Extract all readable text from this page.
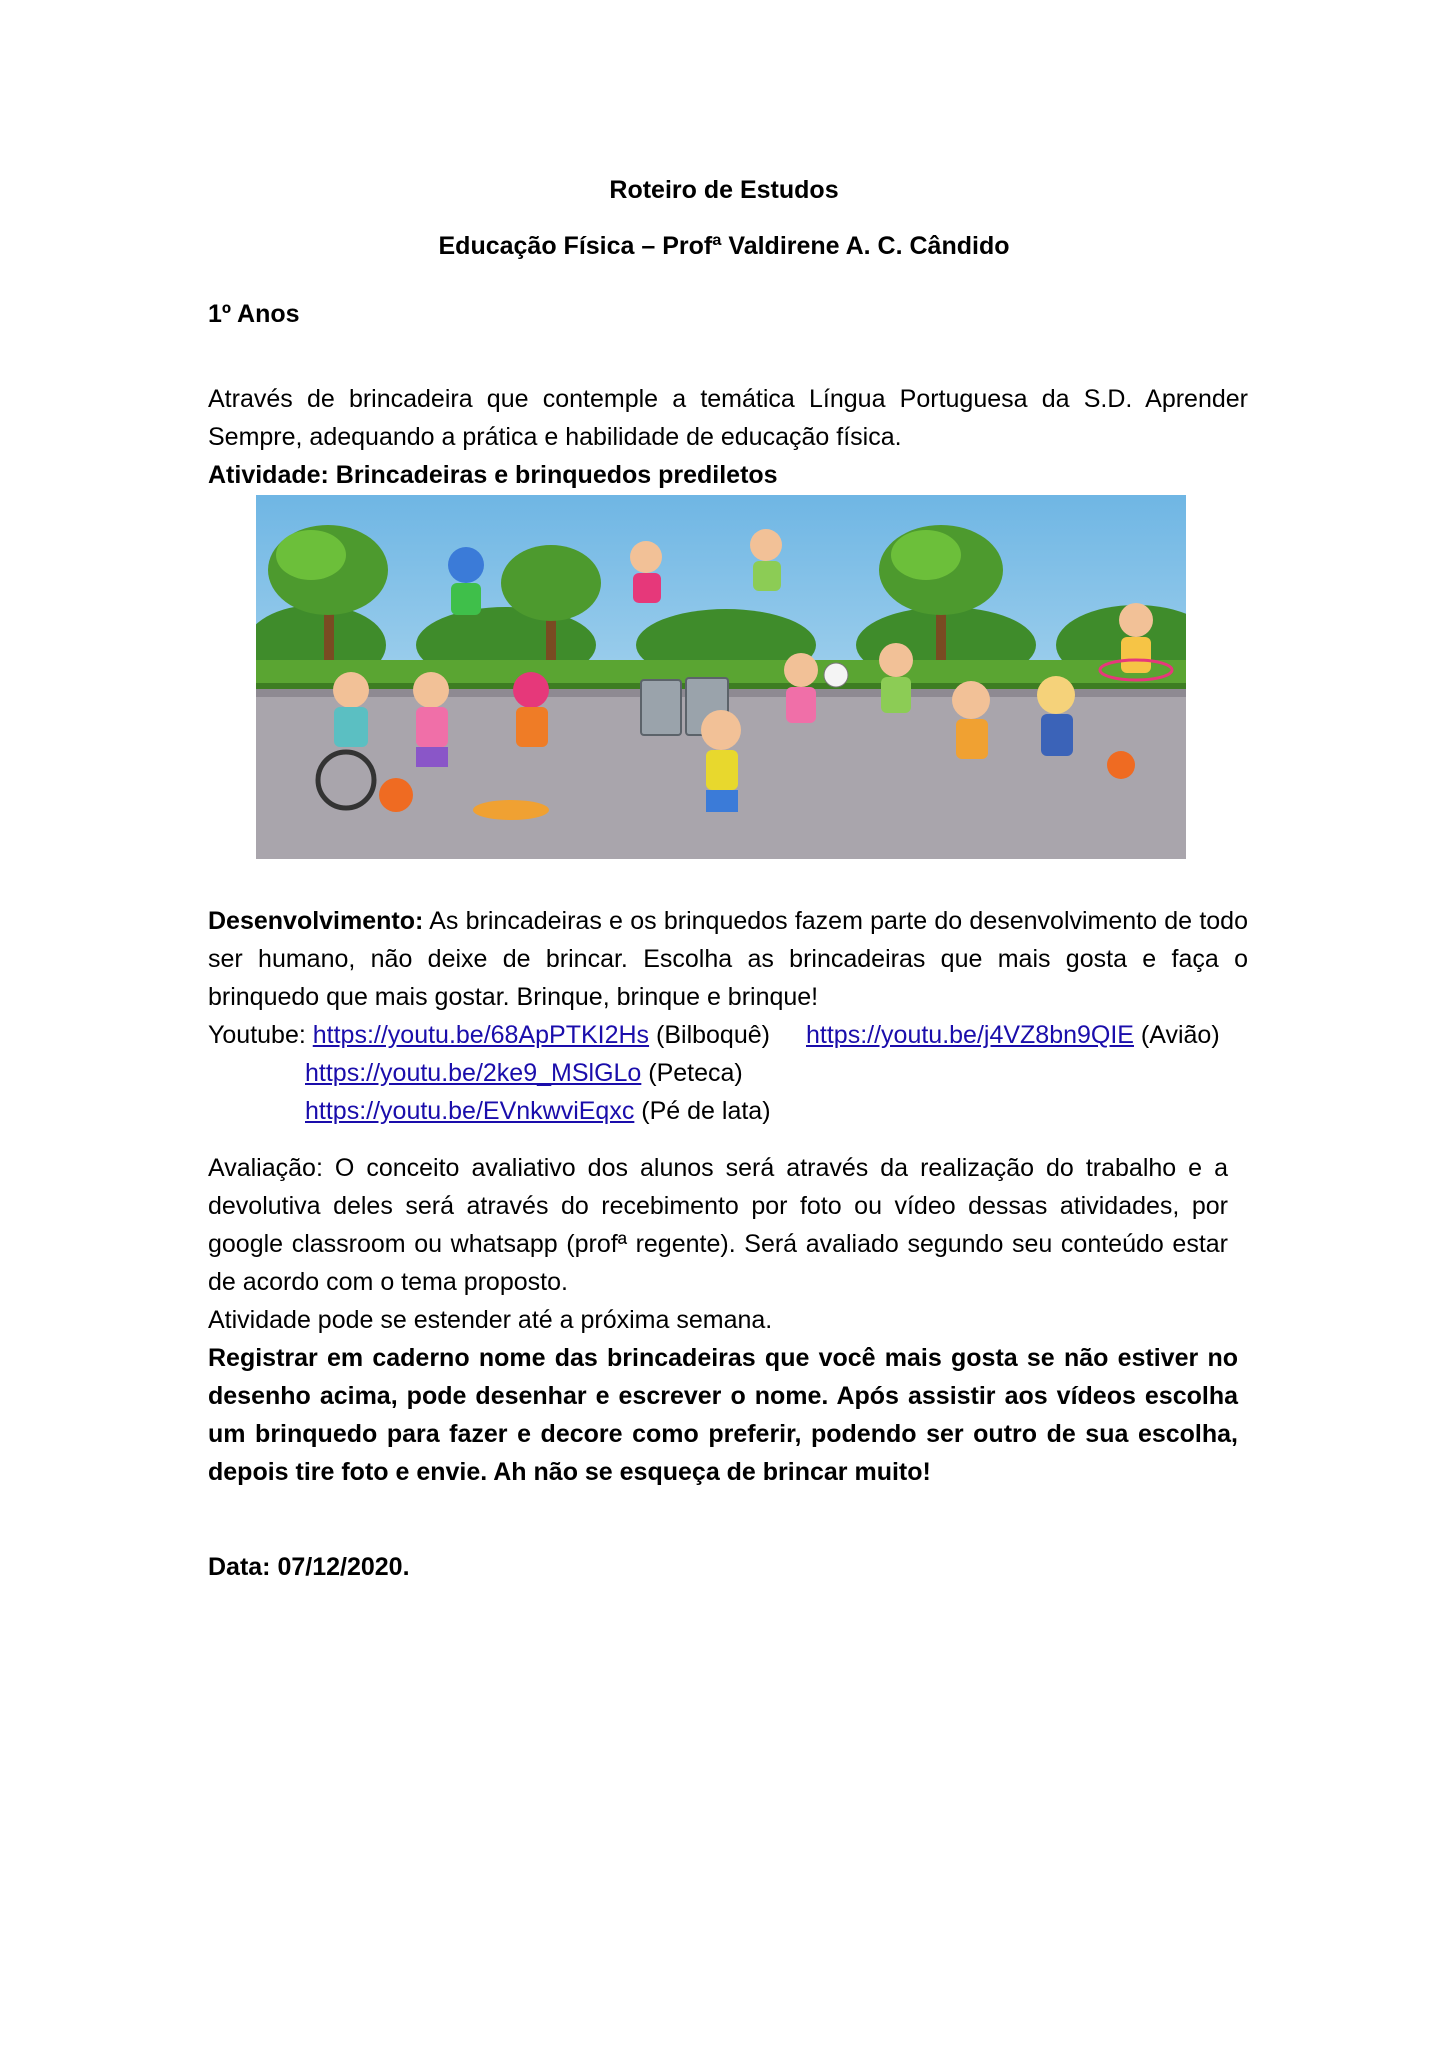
Roteiro de Estudos
Educação Física – Profª Valdirene A. C. Cândido
1º Anos
Através de brincadeira que contemple a temática Língua Portuguesa da S.D. Aprender Sempre, adequando a prática e habilidade de educação física.
Atividade: Brincadeiras e brinquedos prediletos
Desenvolvimento: As brincadeiras e os brinquedos fazem parte do desenvolvimento de todo ser humano, não deixe de brincar. Escolha as brincadeiras que mais gosta e faça o brinquedo que mais gostar. Brinque, brinque e brinque!
Youtube: https://youtu.be/68ApPTKI2Hs (Bilboquê) https://youtu.be/j4VZ8bn9QIE (Avião)
https://youtu.be/2ke9_MSlGLo (Peteca)
https://youtu.be/EVnkwviEqxc (Pé de lata)
Avaliação: O conceito avaliativo dos alunos será através da realização do trabalho e a devolutiva deles será através do recebimento por foto ou vídeo dessas atividades, por google classroom ou whatsapp (profª regente). Será avaliado segundo seu conteúdo estar de acordo com o tema proposto.
Atividade pode se estender até a próxima semana.
Registrar em caderno nome das brincadeiras que você mais gosta se não estiver no desenho acima, pode desenhar e escrever o nome. Após assistir aos vídeos escolha um brinquedo para fazer e decore como preferir, podendo ser outro de sua escolha, depois tire foto e envie. Ah não se esqueça de brincar muito!
Data: 07/12/2020.
